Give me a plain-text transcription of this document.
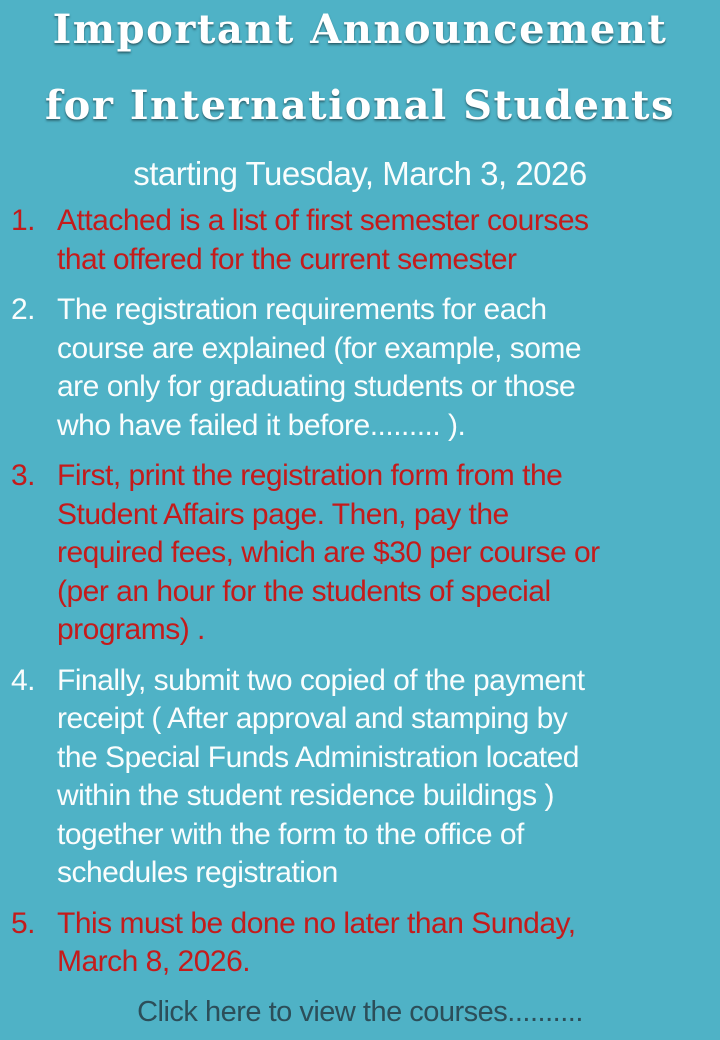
Important Announcement
for International Students
starting Tuesday, March 3, 2026
1. Attached is a list of first semester courses
that offered for the current semester
2. The registration requirements for each
course are explained (for example, some
are only for graduating students or those
who have failed it before......... ).
3. First, print the registration form from the
Student Affairs page. Then, pay the
required fees, which are $30 per course or
(per an hour for the students of special
programs) .
4. Finally, submit two copied of the payment
receipt ( After approval and stamping by
the Special Funds Administration located
within the student residence buildings )
together with the form to the office of
schedules registration
5. This must be done no later than Sunday,
March 8, 2026.
Click here to view the courses..........
